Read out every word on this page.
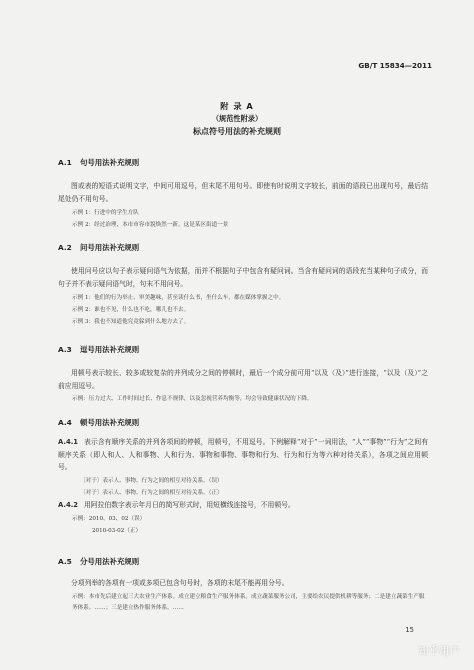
GB/T 15834—2011
附 录 A
（规范性附录）
标点符号用法的补充规则
A.1 句号用法补充规则
图或表的短语式说明文字，中间可用逗号，但末尾不用句号。即使有时说明文字较长，前面的语段已出现句号，最后结尾处仍不用句号。
示例 1：行进中的学生方队
示例 2：经过治理，本市市容市貌焕然一新。这是某区街道一景
A.2 问号用法补充规则
使用问号应以句子表示疑问语气为依据，而并不根据句子中包含有疑问词。当含有疑问词的语段充当某种句子成分，而句子并不表示疑问语气时，句末不用问号。
示例 1：他们的行为举止、审美趣味，甚至读什么书，坐什么车，都在媒体掌握之中。
示例 2：谁也不见，什么也不吃，哪儿也不去。
示例 3：我也不知道他究竟躲到什么地方去了。
A.3 逗号用法补充规则
用顿号表示较长、较多或较复杂的并列成分之间的停顿时，最后一个成分前可用“以及（及）”进行连接，“以及（及）”之前应用逗号。
示例：压力过大、工作时间过长、作息不规律，以及忽视营养均衡等，均会导致健康状况的下降。
A.4 顿号用法补充规则
A.4.1 表示含有顺序关系的并列各项间的停顿，用顿号，不用逗号。下例解释“对于”一词用法，“人”“事物”“行为”之间有顺序关系（即人和人、人和事物、人和行为、事物和事物、事物和行为、行为和行为等六种对待关系），各项之间应用顿号。
〔对于〕表示人、事物、行为之间的相互对待关系。（误）
〔对于〕表示人、事物、行为之间的相互对待关系。（正）
A.4.2 用阿拉伯数字表示年月日的简写形式时，用短横线连接号，不用顿号。
示例：2010、03、02（误）
2010-03-02（正）
A.5 分号用法补充规则
分项列举的各项有一项或多项已包含句号时，各项的末尾不能再用分号。
示例：本市先后建立起三大农业生产体系。成立建立粮食生产服务体系。成立蔬菜服务公司，主要给农民提供机耕等服务；二是建立蔬菜生产服务体系。……；三是建立热作服务体系。……
15
知乎用户
